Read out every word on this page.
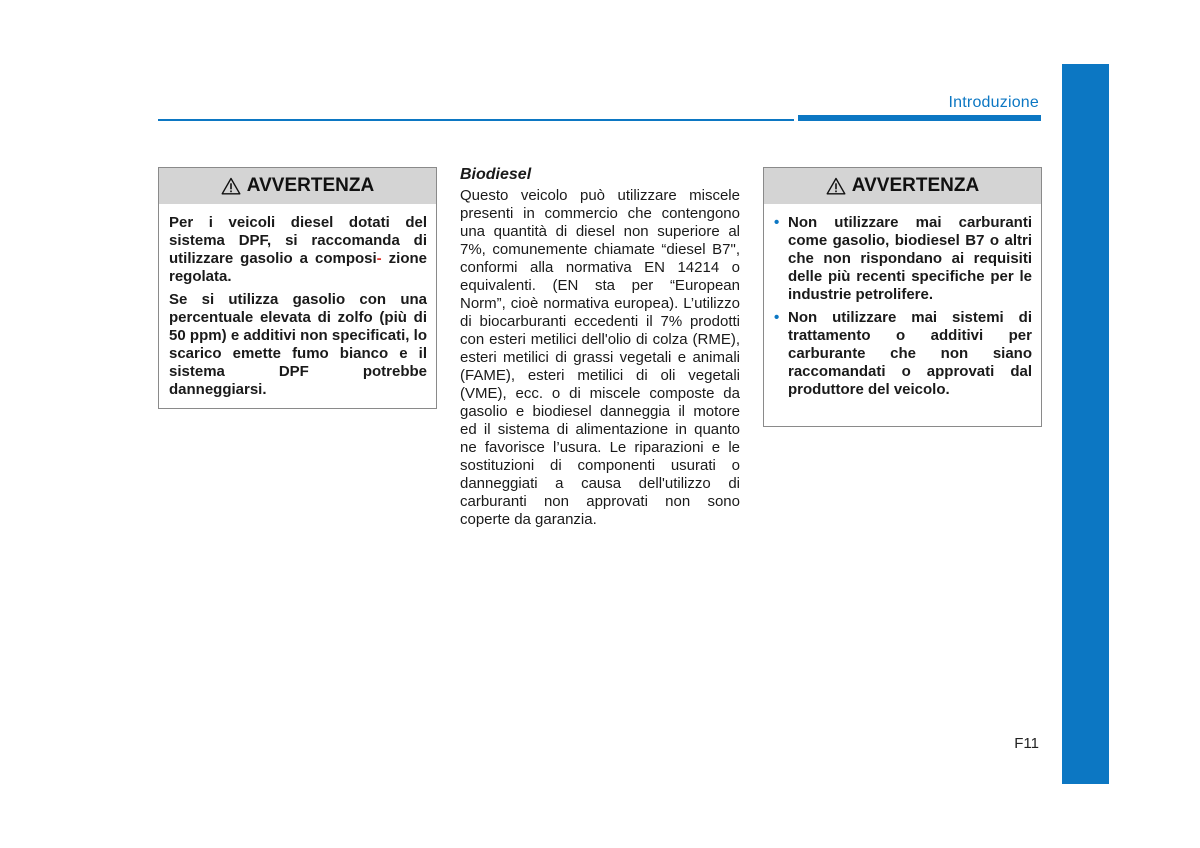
Introduzione
AVVERTENZA

Per i veicoli diesel dotati del sistema DPF, si raccomanda di utilizzare gasolio a composi- zione regolata.

Se si utilizza gasolio con una percentuale elevata di zolfo (più di 50 ppm) e additivi non specificati, lo scarico emette fumo bianco e il sistema DPF potrebbe danneggiarsi.

Biodiesel

Questo veicolo può utilizzare miscele presenti in commercio che contengono una quantità di diesel non superiore al 7%, comunemente chiamate “diesel B7", conformi alla normativa EN 14214 o equivalenti. (EN sta per “European Norm”, cioè normativa europea). L’utilizzo di biocarburanti eccedenti il 7% prodotti con esteri metilici dell'olio di colza (RME), esteri metilici di grassi vegetali e animali (FAME), esteri metilici di oli vegetali (VME), ecc. o di miscele composte da gasolio e biodiesel danneggia il motore ed il sistema di alimentazione in quanto ne favorisce l’usura. Le riparazioni e le sostituzioni di componenti usurati o danneggiati a causa dell'utilizzo di carburanti non approvati non sono coperte da garanzia.

AVVERTENZA
• Non utilizzare mai carburanti come gasolio, biodiesel B7 o altri che non rispondano ai requisiti delle più recenti specifiche per le industrie petrolifere.
• Non utilizzare mai sistemi di trattamento o additivi per carburante che non siano raccomandati o approvati dal produttore del veicolo.
F11
